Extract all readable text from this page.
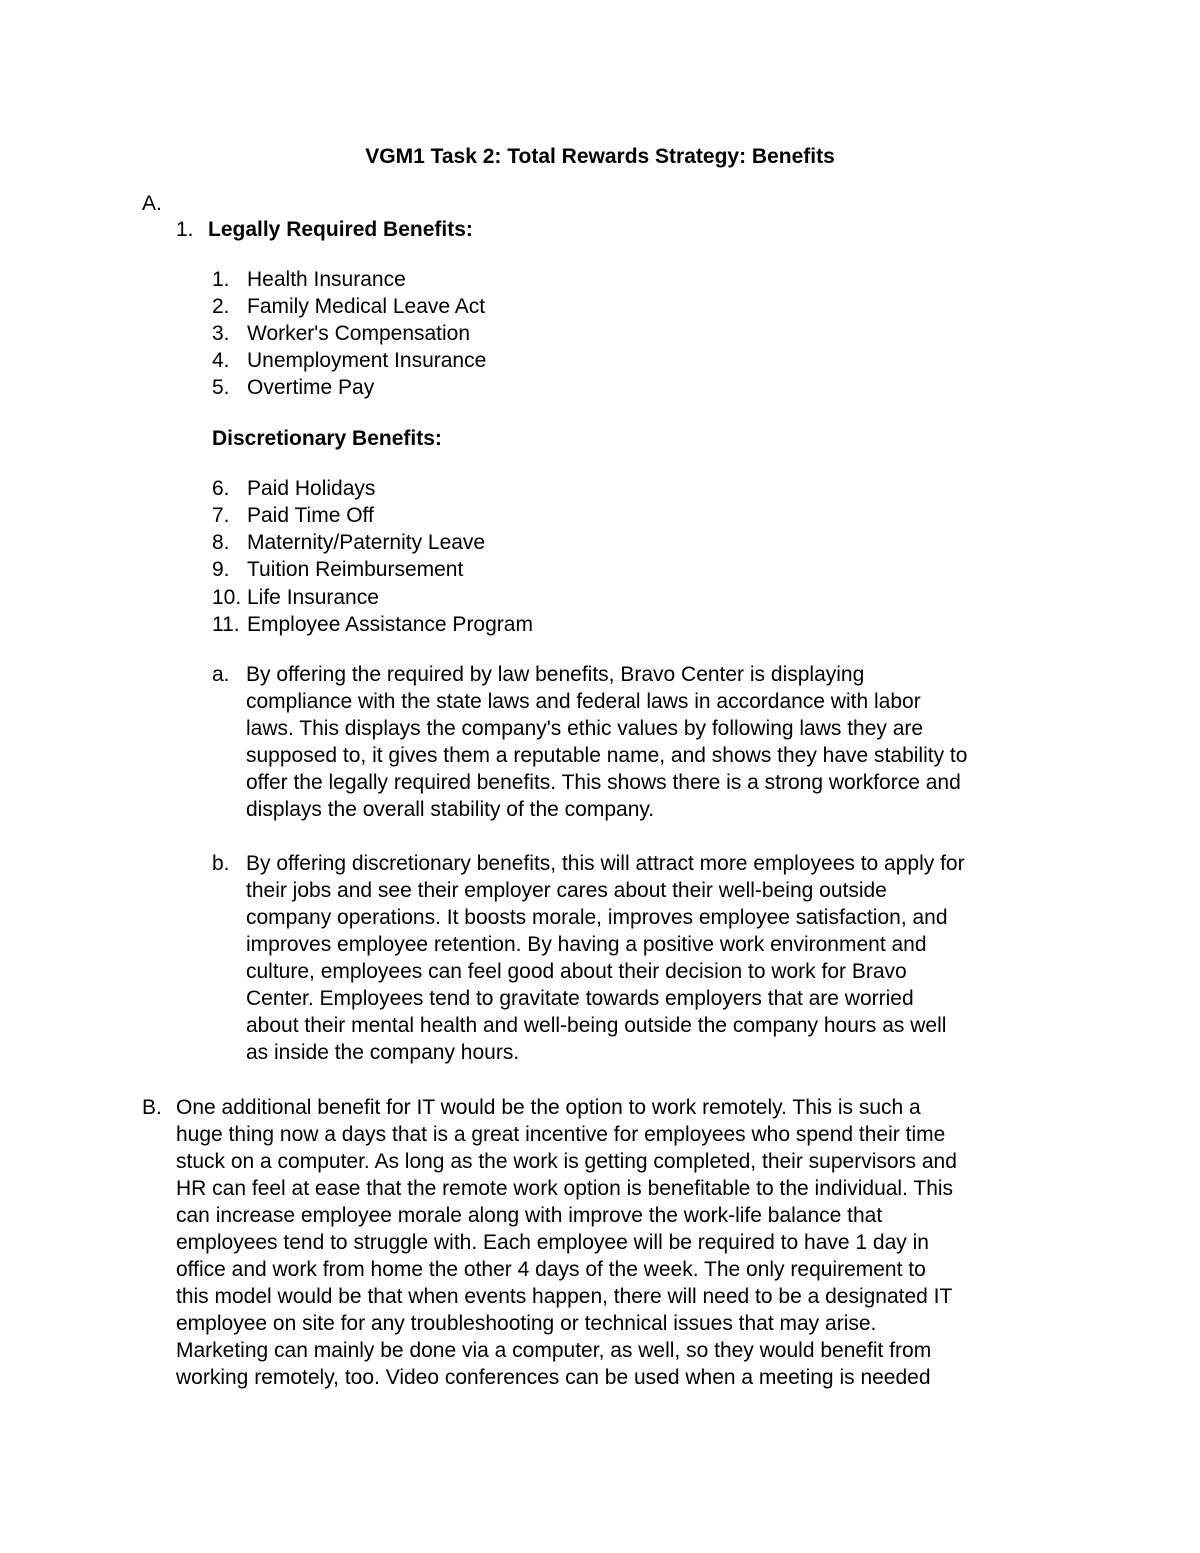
VGM1 Task 2: Total Rewards Strategy: Benefits
A.
1. Legally Required Benefits:
1. Health Insurance
2. Family Medical Leave Act
3. Worker's Compensation
4. Unemployment Insurance
5. Overtime Pay
Discretionary Benefits:
6. Paid Holidays
7. Paid Time Off
8. Maternity/Paternity Leave
9. Tuition Reimbursement
10. Life Insurance
11. Employee Assistance Program
a. By offering the required by law benefits, Bravo Center is displaying
compliance with the state laws and federal laws in accordance with labor
laws. This displays the company's ethic values by following laws they are
supposed to, it gives them a reputable name, and shows they have stability to
offer the legally required benefits. This shows there is a strong workforce and
displays the overall stability of the company.
b. By offering discretionary benefits, this will attract more employees to apply for
their jobs and see their employer cares about their well-being outside
company operations. It boosts morale, improves employee satisfaction, and
improves employee retention. By having a positive work environment and
culture, employees can feel good about their decision to work for Bravo
Center. Employees tend to gravitate towards employers that are worried
about their mental health and well-being outside the company hours as well
as inside the company hours.
B. One additional benefit for IT would be the option to work remotely. This is such a
huge thing now a days that is a great incentive for employees who spend their time
stuck on a computer. As long as the work is getting completed, their supervisors and
HR can feel at ease that the remote work option is benefitable to the individual. This
can increase employee morale along with improve the work-life balance that
employees tend to struggle with. Each employee will be required to have 1 day in
office and work from home the other 4 days of the week. The only requirement to
this model would be that when events happen, there will need to be a designated IT
employee on site for any troubleshooting or technical issues that may arise.
Marketing can mainly be done via a computer, as well, so they would benefit from
working remotely, too. Video conferences can be used when a meeting is needed
